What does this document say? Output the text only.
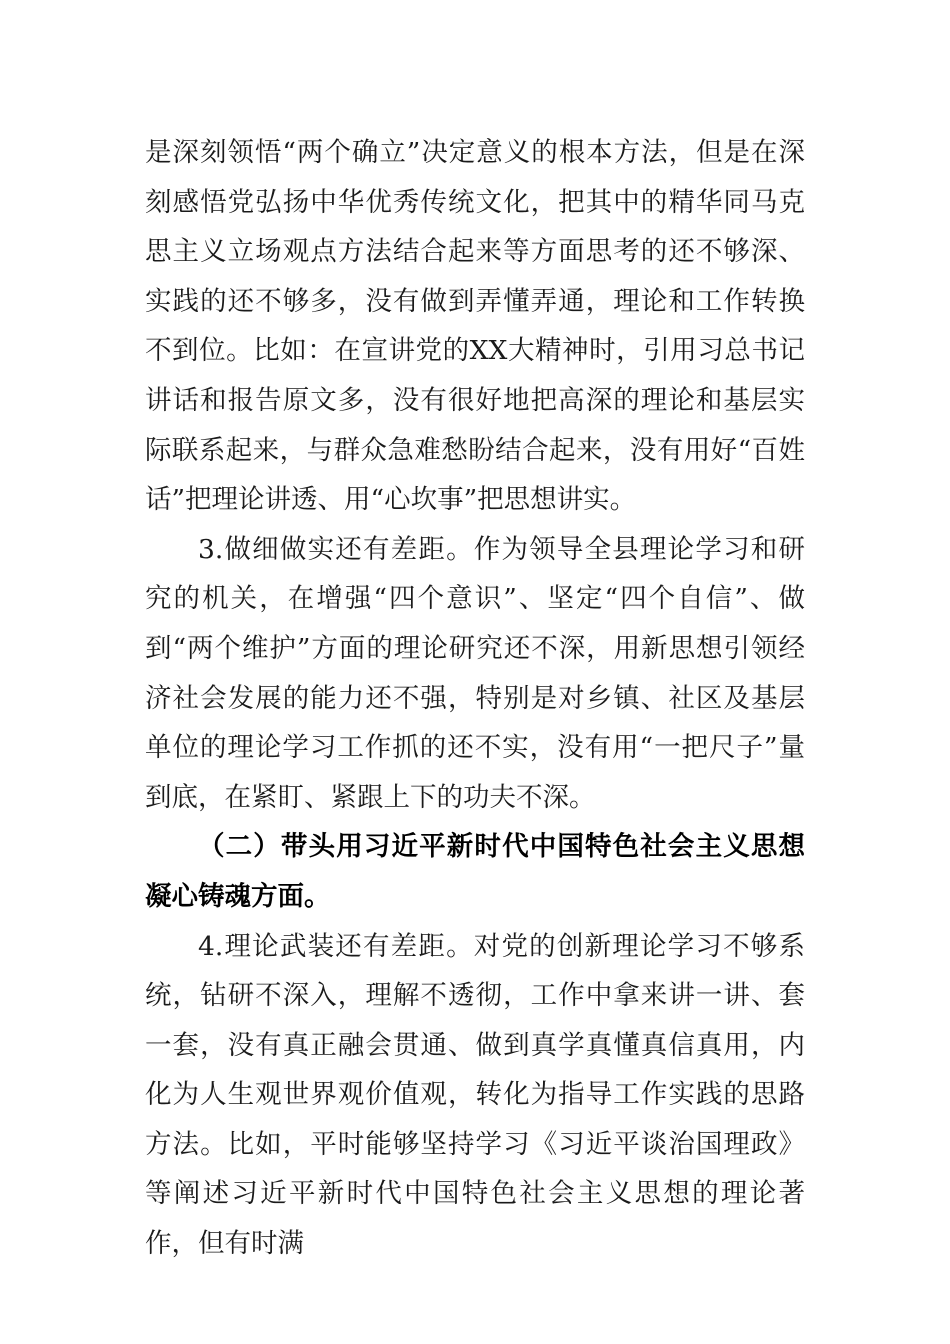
是深刻领悟“两个确立”决定意义的根本方法，但是在深刻感悟党弘扬中华优秀传统文化，把其中的精华同马克思主义立场观点方法结合起来等方面思考的还不够深、实践的还不够多，没有做到弄懂弄通，理论和工作转换不到位。比如：在宣讲党的XX大精神时，引用习总书记讲话和报告原文多，没有很好地把高深的理论和基层实际联系起来，与群众急难愁盼结合起来，没有用好“百姓话”把理论讲透、用“心坎事”把思想讲实。

3.做细做实还有差距。作为领导全县理论学习和研究的机关，在增强“四个意识”、坚定“四个自信”、做到“两个维护”方面的理论研究还不深，用新思想引领经济社会发展的能力还不强，特别是对乡镇、社区及基层单位的理论学习工作抓的还不实，没有用“一把尺子”量到底，在紧盯、紧跟上下的功夫不深。

（二）带头用习近平新时代中国特色社会主义思想凝心铸魂方面。

4.理论武装还有差距。对党的创新理论学习不够系统，钻研不深入，理解不透彻，工作中拿来讲一讲、套一套，没有真正融会贯通、做到真学真懂真信真用，内化为人生观世界观价值观，转化为指导工作实践的思路方法。比如，平时能够坚持学习《习近平谈治国理政》等阐述习近平新时代中国特色社会主义思想的理论著作，但有时满
